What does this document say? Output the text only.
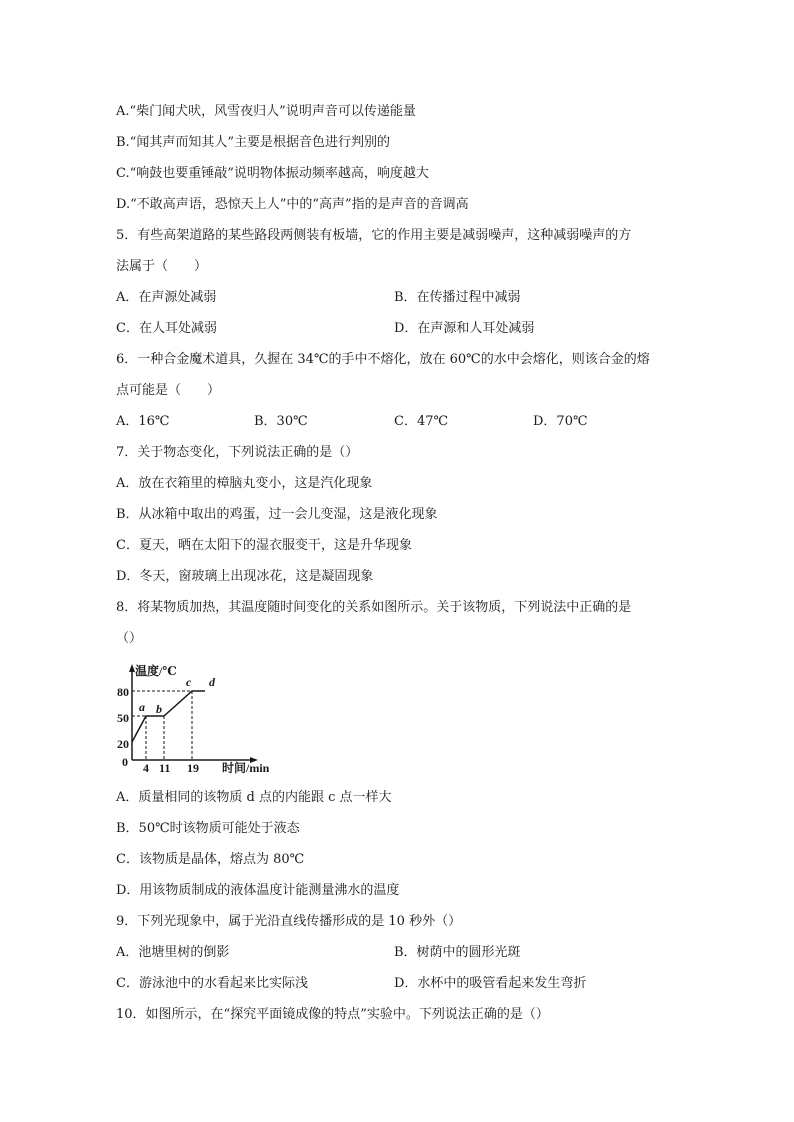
A.“柴门闻犬吠，风雪夜归人”说明声音可以传递能量
B.“闻其声而知其人”主要是根据音色进行判别的
C.“响鼓也要重锤敲”说明物体振动频率越高，响度越大
D.“不敢高声语，恐惊天上人”中的“高声”指的是声音的音调高
5．有些高架道路的某些路段两侧装有板墙，它的作用主要是减弱噪声，这种减弱噪声的方
法属于（　　）
A．在声源处减弱	B．在传播过程中减弱
C．在人耳处减弱	D．在声源和人耳处减弱
6．一种合金魔术道具，久握在 34℃的手中不熔化，放在 60℃的水中会熔化，则该合金的熔
点可能是（　　）
A．16℃	B．30℃	C．47℃	D．70℃
7．关于物态变化，下列说法正确的是（）
A．放在衣箱里的樟脑丸变小，这是汽化现象
B．从冰箱中取出的鸡蛋，过一会儿变湿，这是液化现象
C．夏天，晒在太阳下的湿衣服变干，这是升华现象
D．冬天，窗玻璃上出现冰花，这是凝固现象
8．将某物质加热，其温度随时间变化的关系如图所示。关于该物质，下列说法中正确的是
（）
温度/℃
时间/min
80
50
20
0 4 11 19
a b
c d
A．质量相同的该物质 d 点的内能跟 c 点一样大
B．50℃时该物质可能处于液态
C．该物质是晶体，熔点为 80℃
D．用该物质制成的液体温度计能测量沸水的温度
9．下列光现象中，属于光沿直线传播形成的是 10 秒外（）
A．池塘里树的倒影	B．树荫中的圆形光斑
C．游泳池中的水看起来比实际浅	D．水杯中的吸管看起来发生弯折
10．如图所示，在“探究平面镜成像的特点”实验中。下列说法正确的是（）
